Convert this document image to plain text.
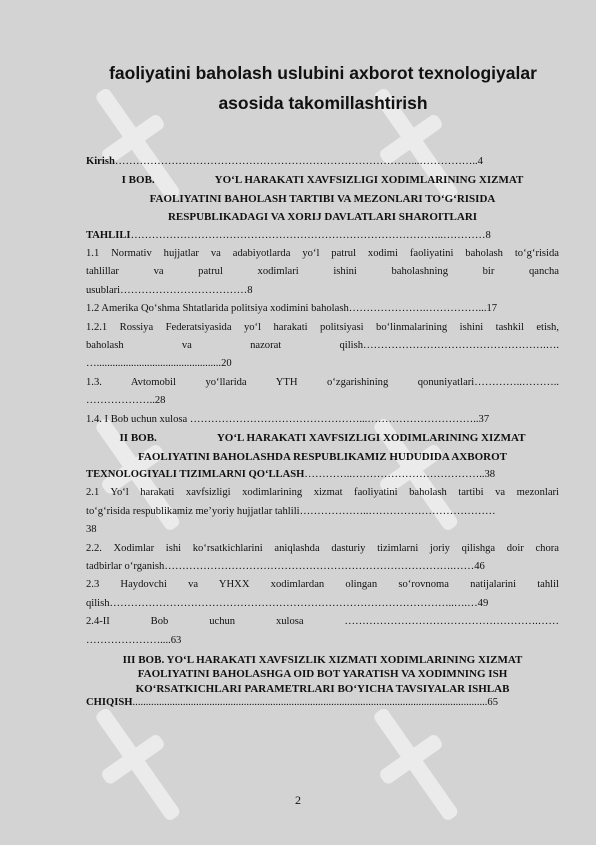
faoliyatini baholash uslubini axborot texnologiyalar
asosida takomillashtirish
Kirish…………………………………………………………………………...……………..4
I BOB.	YO‘L HARAKATI XAVFSIZLIGI XODIMLARINING XIZMAT
FAOLIYATINI BAHOLASH TARTIBI VA MEZONLARI TO‘G‘RISIDA
RESPUBLIKADAGI VA XORIJ DAVLATLARI SHAROITLARI
TAHLILI……………………………………………………………………………..…………8
1.1 Normativ hujjatlar va adabiyotlarda yo‘l patrul xodimi faoliyatini baholash to‘g‘risida
tahlillar va patrul xodimlari ishini baholashning bir qancha
usublari………………………………8
1.2 Amerika Qo‘shma Shtatlarida politsiya xodimini baholash………………….……………...17
1.2.1 Rossiya Federatsiyasida yo‘l harakati politsiyasi bo‘linmalarining ishini tashkil etish,
baholash va nazorat qilish…………………………………………….….
…...............................................20
1.3. Avtomobil yo‘llarida YTH o‘zgarishining qonuniyatlari…………..………..
………………..28
1.4. I Bob uchun xulosa …………………………………………...…………………………..37
II BOB.	YO‘L HARAKATI XAVFSIZLIGI XODIMLARINING XIZMAT
FAOLIYATINI BAHOLASHDA RESPUBLIKAMIZ HUDUDIDA AXBOROT
TEXNOLOGIYALI TIZIMLARNI QO‘LLASH…………..………………………………..38
2.1 Yo‘l harakati xavfsizligi xodimlarining xizmat faoliyatini baholash tartibi va mezonlari
to‘g‘risida respublikamiz me’yoriy hujjatlar tahlili………………..………………………………
38
2.2. Xodimlar ishi ko‘rsatkichlarini aniqlashda dasturiy tizimlarni joriy qilishga doir chora
tadbirlar o‘rganish……………………………………………………………………….……46
2.3 Haydovchi va YHXX xodimlardan olingan so‘rovnoma natijalarini tahlil
qilish……………………………………………………………………………………..….…49
2.4-II Bob uchun xulosa ……………………………………………….……
…………………....63
III BOB. YO‘L HARAKATI XAVFSIZLIK XIZMATI XODIMLARINING XIZMAT
FAOLIYATINI BAHOLASHGA OID BOT YARATISH VA XODIMNING ISH
KO‘RSATKICHLARI PARAMETRLARI BO‘YICHA TAVSIYALAR ISHLAB
CHIQISH......................................................................................................................................65
2
